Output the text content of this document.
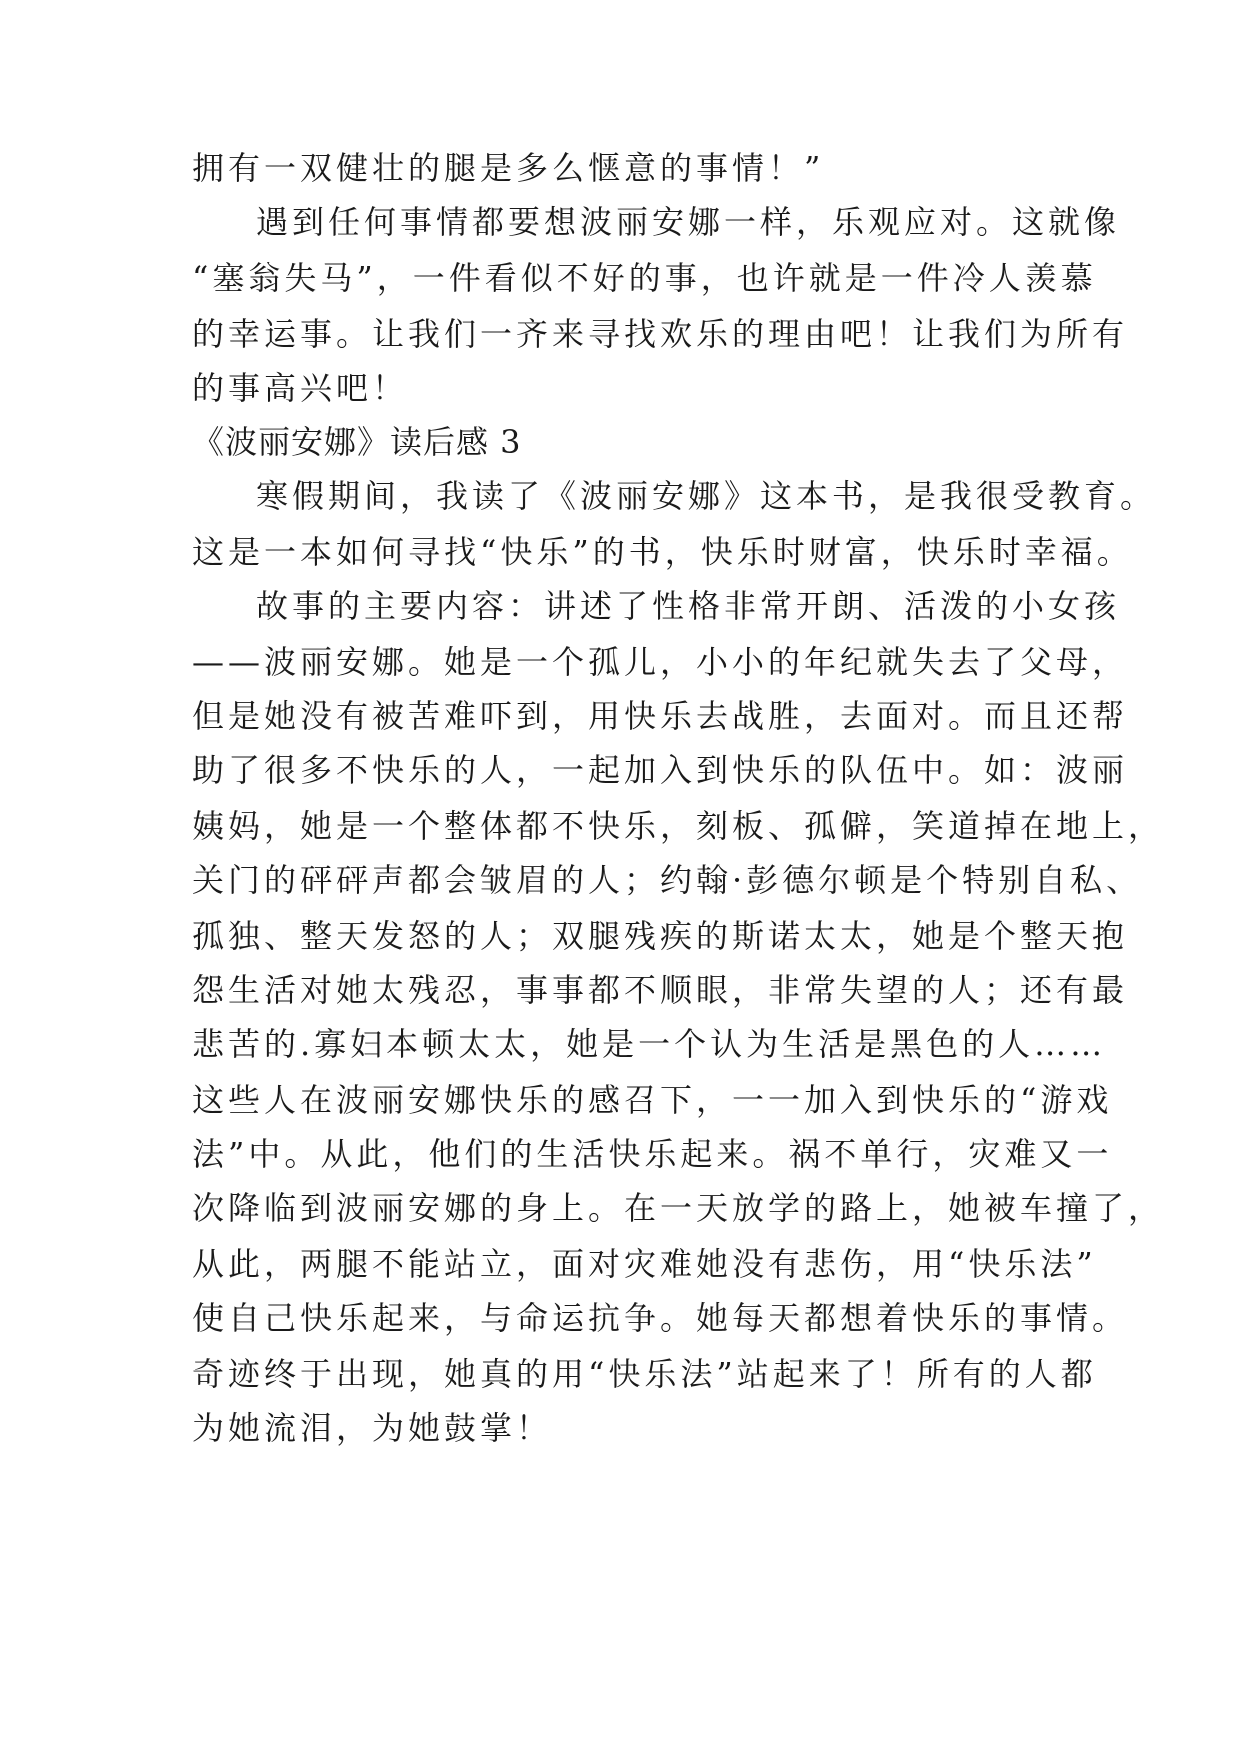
拥有一双健壮的腿是多么惬意的事情！”
遇到任何事情都要想波丽安娜一样，乐观应对。这就像
“塞翁失马”，一件看似不好的事，也许就是一件冷人羡慕
的幸运事。让我们一齐来寻找欢乐的理由吧！让我们为所有
的事高兴吧！
《波丽安娜》读后感 3
寒假期间，我读了《波丽安娜》这本书，是我很受教育。
这是一本如何寻找“快乐”的书，快乐时财富，快乐时幸福。
故事的主要内容：讲述了性格非常开朗、活泼的小女孩
——波丽安娜。她是一个孤儿，小小的年纪就失去了父母，
但是她没有被苦难吓到，用快乐去战胜，去面对。而且还帮
助了很多不快乐的人，一起加入到快乐的队伍中。如：波丽
姨妈，她是一个整体都不快乐，刻板、孤僻，笑道掉在地上，
关门的砰砰声都会皱眉的人；约翰·彭德尔顿是个特别自私、
孤独、整天发怒的人；双腿残疾的斯诺太太，她是个整天抱
怨生活对她太残忍，事事都不顺眼，非常失望的人；还有最
悲苦的.寡妇本顿太太，她是一个认为生活是黑色的人……
这些人在波丽安娜快乐的感召下，一一加入到快乐的“游戏
法”中。从此，他们的生活快乐起来。祸不单行，灾难又一
次降临到波丽安娜的身上。在一天放学的路上，她被车撞了，
从此，两腿不能站立，面对灾难她没有悲伤，用“快乐法”
使自己快乐起来，与命运抗争。她每天都想着快乐的事情。
奇迹终于出现，她真的用“快乐法”站起来了！所有的人都
为她流泪，为她鼓掌！
